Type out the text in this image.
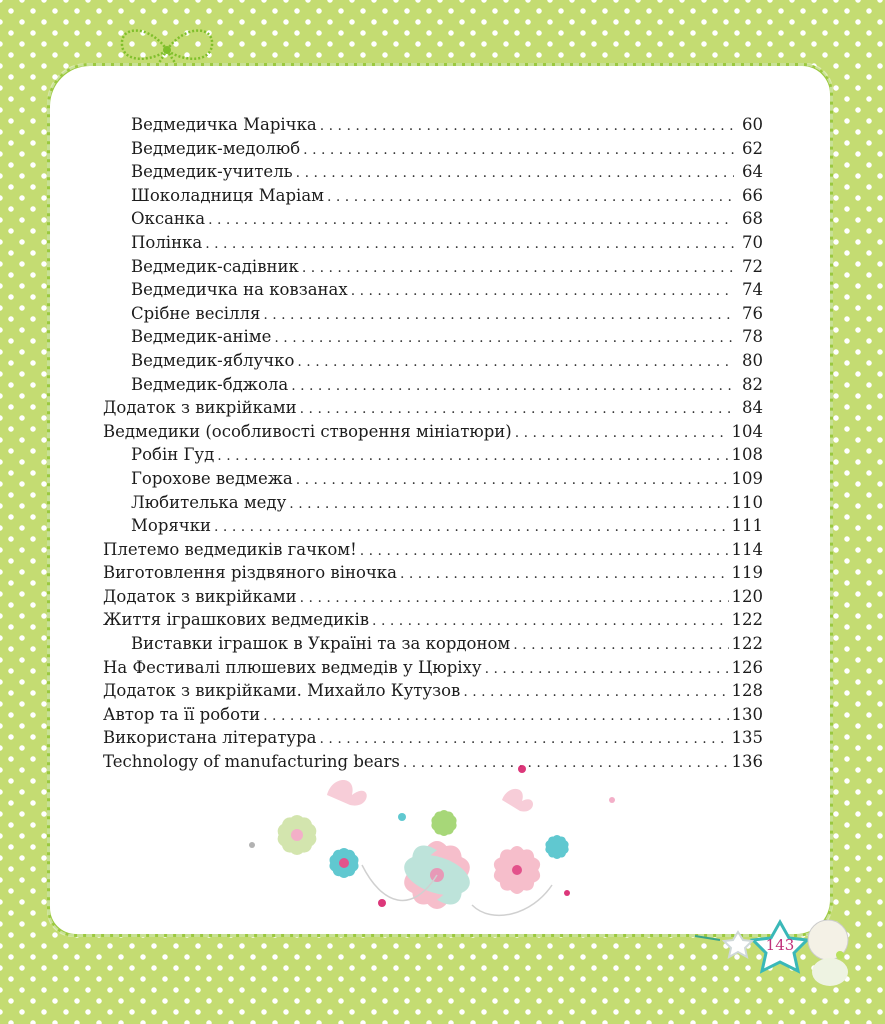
Ведмедичка Марічка . . .	60
Ведмедик-медолюб . . .	62
Ведмедик-учитель . . .	64
Шоколадниця Маріам . . .	66
Оксанка . . .	68
Полінка . . .	70
Ведмедик-садівник . . .	72
Ведмедичка на ковзанах . . .	74
Срібне весілля . . .	76
Ведмедик-аніме . . .	78
Ведмедик-яблучко . . .	80
Ведмедик-бджола . . .	82
Додаток з викрійками . . .	84
Ведмедики (особливості створення мініатюри) . . .	104
Робін Гуд . . .	108
Горохове ведмежа . . .	109
Любителька меду . . .	110
Морячки . . .	111
Плетемо ведмедиків гачком! . . .	114
Виготовлення різдвяного віночка . . .	119
Додаток з викрійками . . .	120
Життя іграшкових ведмедиків . . .	122
Виставки іграшок в Україні та за кордоном . . .	122
На Фестивалі плюшевих ведмедів у Цюріху . . .	126
Додаток з викрійками. Михайло Кутузов . . .	128
Автор та її роботи . . .	130
Використана література . . .	135
Technology of manufacturing bears . . .	136
143
